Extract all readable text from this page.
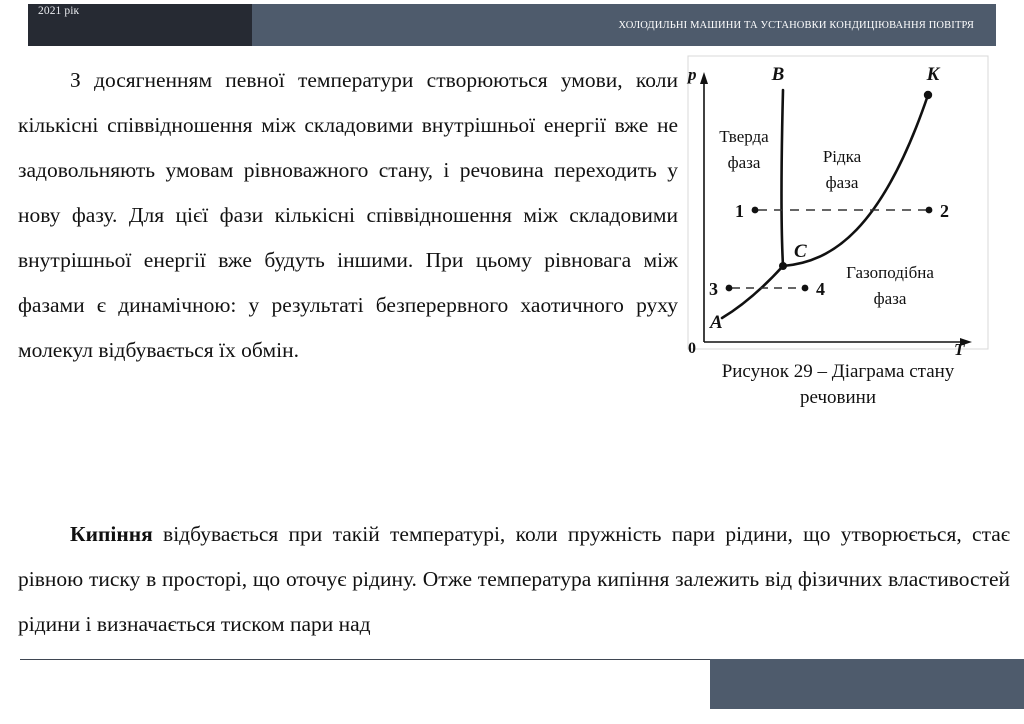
2021 рік
ХОЛОДИЛЬНІ МАШИНИ ТА УСТАНОВКИ КОНДИЦІЮВАННЯ ПОВІТРЯ
З досягненням певної температури створюються умови, коли кількісні співвідношення між складовими внутрішньої енергії вже не задовольняють умовам рівноважного стану, і речовина переходить у нову фазу. Для цієї фази кількісні співвідношення між складовими внутрішньої енергії вже будуть іншими. При цьому рівновага між фазами є динамічною: у результаті безперервного хаотичного руху молекул відбувається їх обмін.
p
T
0
B	K
C
A
1	2
3	4
Тверда
фаза	Рідка
фаза
Газоподібна
фаза
Рисунок 29 – Діаграма стану речовини
Кипіння відбувається при такій температурі, коли пружність пари рідини, що утворюється, стає рівною тиску в просторі, що оточує рідину. Отже температура кипіння залежить від фізичних властивостей рідини і визначається тиском пари над
